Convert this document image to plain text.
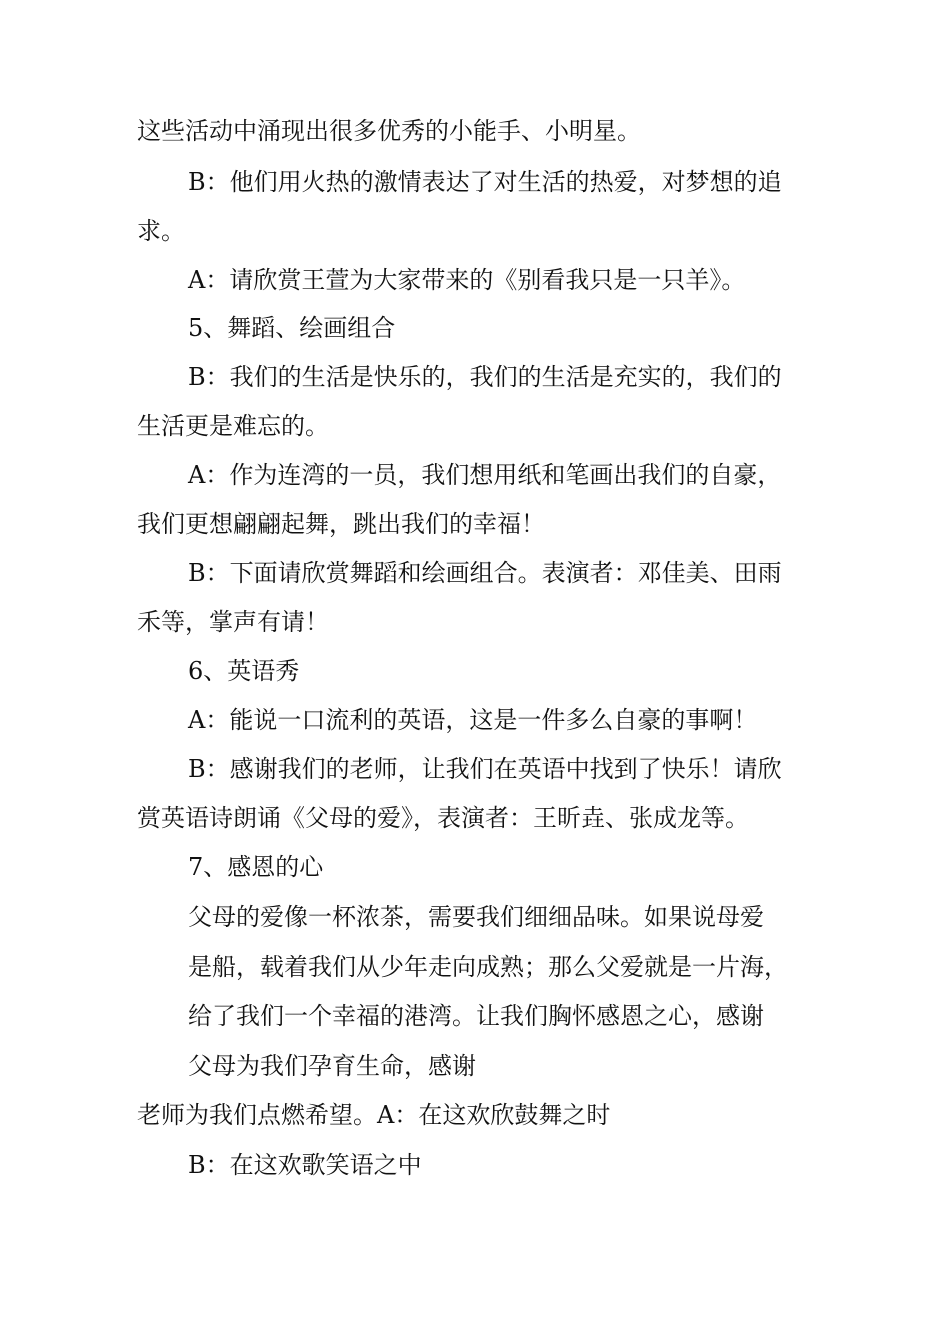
这些活动中涌现出很多优秀的小能手、小明星。
B：他们用火热的激情表达了对生活的热爱，对梦想的追
求。
A：请欣赏王萱为大家带来的《别看我只是一只羊》。
5、舞蹈、绘画组合
B：我们的生活是快乐的，我们的生活是充实的，我们的
生活更是难忘的。
A：作为连湾的一员，我们想用纸和笔画出我们的自豪，
我们更想翩翩起舞，跳出我们的幸福！
B：下面请欣赏舞蹈和绘画组合。表演者：邓佳美、田雨
禾等，掌声有请！
6、英语秀
A：能说一口流利的英语，这是一件多么自豪的事啊！
B：感谢我们的老师，让我们在英语中找到了快乐！请欣
赏英语诗朗诵《父母的爱》，表演者：王昕垚、张成龙等。
7、感恩的心
父母的爱像一杯浓茶，需要我们细细品味。如果说母爱
是船，载着我们从少年走向成熟；那么父爱就是一片海，
给了我们一个幸福的港湾。让我们胸怀感恩之心，感谢
父母为我们孕育生命，感谢
老师为我们点燃希望。A：在这欢欣鼓舞之时
B：在这欢歌笑语之中
